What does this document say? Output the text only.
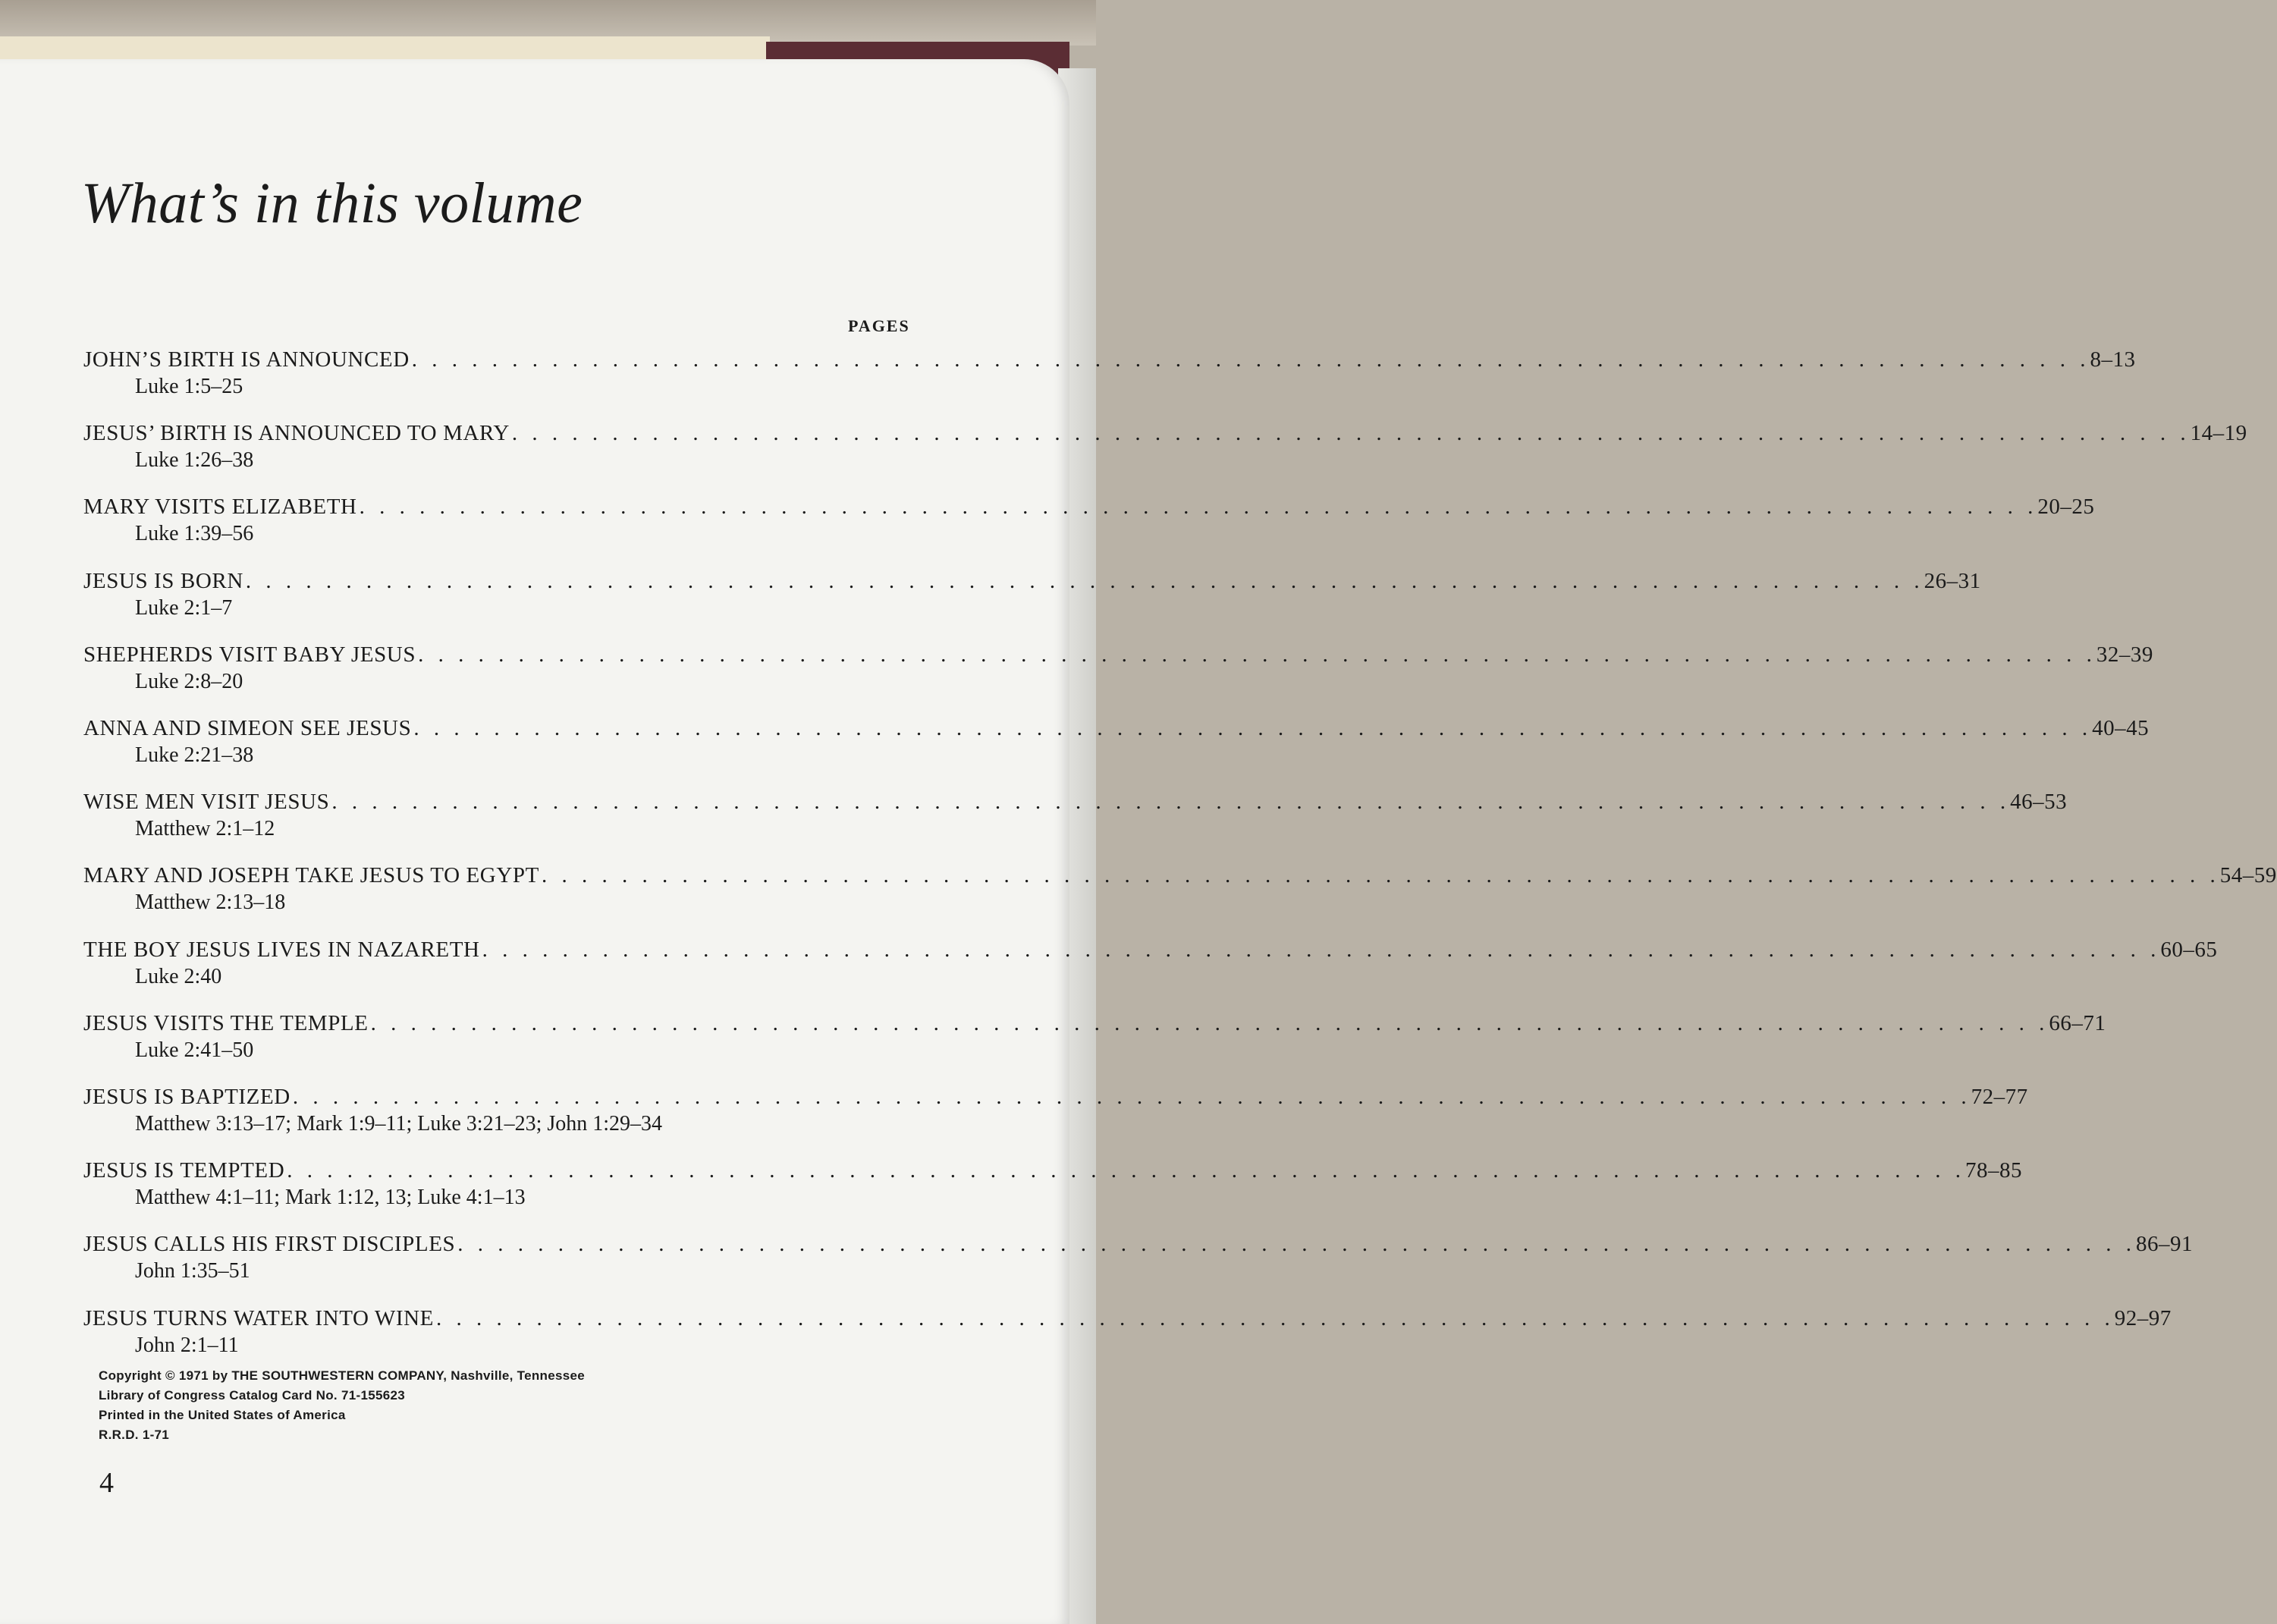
What’s in this volume
PAGES
JOHN’S BIRTH IS ANNOUNCED . . . . . . . . . . . . . . . . . . . . . . . . . . . . . . . . . . . . . . . . . . . . . . . . . . . . . . . . . . . . . . . . . . . . . . . . . . . . . . . . . . . . 8–13
Luke 1:5–25
JESUS’ BIRTH IS ANNOUNCED TO MARY . . . . . . . . . . . . . . . . . . . . . . . . . . . . . . . . . . . . . . . . . . . . . . . . . . . . . . . . . . . . . . . . . . . . . . . . . . . . . . . . . . . . 14–19
Luke 1:26–38
MARY VISITS ELIZABETH . . . . . . . . . . . . . . . . . . . . . . . . . . . . . . . . . . . . . . . . . . . . . . . . . . . . . . . . . . . . . . . . . . . . . . . . . . . . . . . . . . . . 20–25
Luke 1:39–56
JESUS IS BORN . . . . . . . . . . . . . . . . . . . . . . . . . . . . . . . . . . . . . . . . . . . . . . . . . . . . . . . . . . . . . . . . . . . . . . . . . . . . . . . . . . . . 26–31
Luke 2:1–7
SHEPHERDS VISIT BABY JESUS . . . . . . . . . . . . . . . . . . . . . . . . . . . . . . . . . . . . . . . . . . . . . . . . . . . . . . . . . . . . . . . . . . . . . . . . . . . . . . . . . . . . 32–39
Luke 2:8–20
ANNA AND SIMEON SEE JESUS . . . . . . . . . . . . . . . . . . . . . . . . . . . . . . . . . . . . . . . . . . . . . . . . . . . . . . . . . . . . . . . . . . . . . . . . . . . . . . . . . . . . 40–45
Luke 2:21–38
WISE MEN VISIT JESUS . . . . . . . . . . . . . . . . . . . . . . . . . . . . . . . . . . . . . . . . . . . . . . . . . . . . . . . . . . . . . . . . . . . . . . . . . . . . . . . . . . . . 46–53
Matthew 2:1–12
MARY AND JOSEPH TAKE JESUS TO EGYPT . . . . . . . . . . . . . . . . . . . . . . . . . . . . . . . . . . . . . . . . . . . . . . . . . . . . . . . . . . . . . . . . . . . . . . . . . . . . . . . . . . . . 54–59
Matthew 2:13–18
THE BOY JESUS LIVES IN NAZARETH . . . . . . . . . . . . . . . . . . . . . . . . . . . . . . . . . . . . . . . . . . . . . . . . . . . . . . . . . . . . . . . . . . . . . . . . . . . . . . . . . . . . 60–65
Luke 2:40
JESUS VISITS THE TEMPLE . . . . . . . . . . . . . . . . . . . . . . . . . . . . . . . . . . . . . . . . . . . . . . . . . . . . . . . . . . . . . . . . . . . . . . . . . . . . . . . . . . . . 66–71
Luke 2:41–50
JESUS IS BAPTIZED . . . . . . . . . . . . . . . . . . . . . . . . . . . . . . . . . . . . . . . . . . . . . . . . . . . . . . . . . . . . . . . . . . . . . . . . . . . . . . . . . . . . 72–77
Matthew 3:13–17; Mark 1:9–11; Luke 3:21–23; John 1:29–34
JESUS IS TEMPTED . . . . . . . . . . . . . . . . . . . . . . . . . . . . . . . . . . . . . . . . . . . . . . . . . . . . . . . . . . . . . . . . . . . . . . . . . . . . . . . . . . . . 78–85
Matthew 4:1–11; Mark 1:12, 13; Luke 4:1–13
JESUS CALLS HIS FIRST DISCIPLES . . . . . . . . . . . . . . . . . . . . . . . . . . . . . . . . . . . . . . . . . . . . . . . . . . . . . . . . . . . . . . . . . . . . . . . . . . . . . . . . . . . . 86–91
John 1:35–51
JESUS TURNS WATER INTO WINE . . . . . . . . . . . . . . . . . . . . . . . . . . . . . . . . . . . . . . . . . . . . . . . . . . . . . . . . . . . . . . . . . . . . . . . . . . . . . . . . . . . . 92–97
John 2:1–11
Copyright © 1971 by THE SOUTHWESTERN COMPANY, Nashville, Tennessee
Library of Congress Catalog Card No. 71-155623
Printed in the United States of America
R.R.D. 1-71
4
